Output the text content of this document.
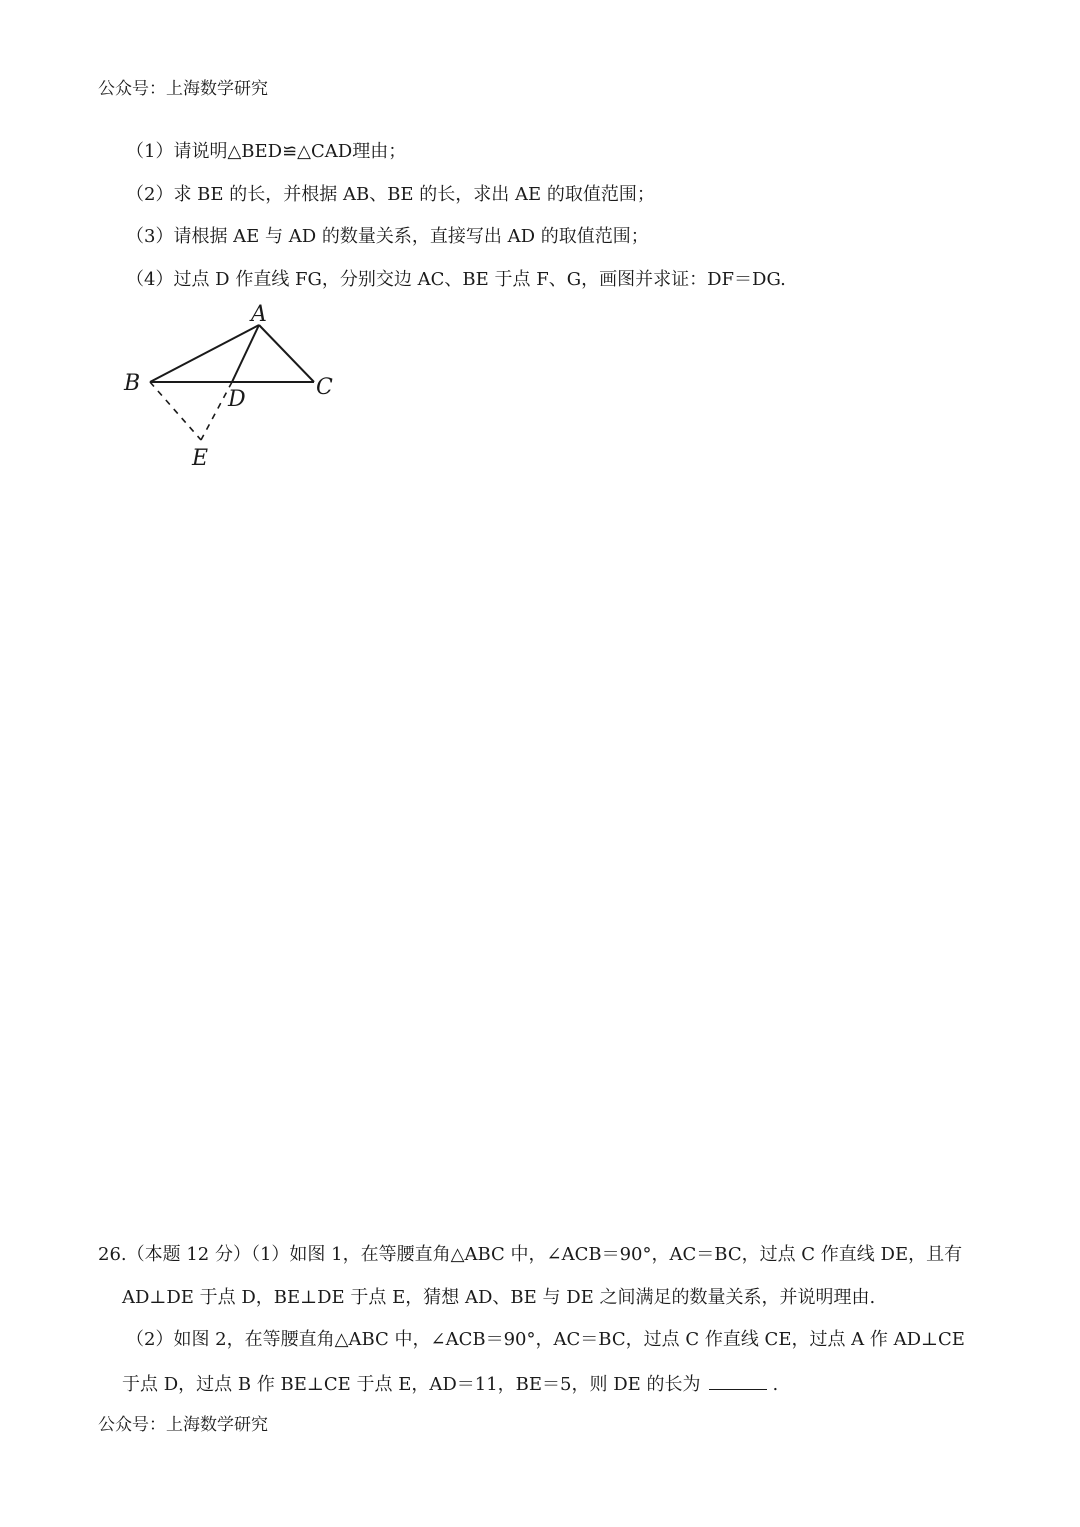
公众号：上海数学研究
（1）请说明△BED≌△CAD理由；
（2）求 BE 的长，并根据 AB、BE 的长，求出 AE 的取值范围；
（3）请根据 AE 与 AD 的数量关系，直接写出 AD 的取值范围；
（4）过点 D 作直线 FG，分别交边 AC、BE 于点 F、G，画图并求证：DF＝DG.
A
B	C
D
E
26.（本题 12 分）（1）如图 1，在等腰直角△ABC 中，∠ACB＝90°，AC＝BC，过点 C 作直线 DE，且有
AD⊥DE 于点 D，BE⊥DE 于点 E，猜想 AD、BE 与 DE 之间满足的数量关系，并说明理由.
（2）如图 2，在等腰直角△ABC 中，∠ACB＝90°，AC＝BC，过点 C 作直线 CE，过点 A 作 AD⊥CE
于点 D，过点 B 作 BE⊥CE 于点 E，AD＝11，BE＝5，则 DE 的长为	.
公众号：上海数学研究
